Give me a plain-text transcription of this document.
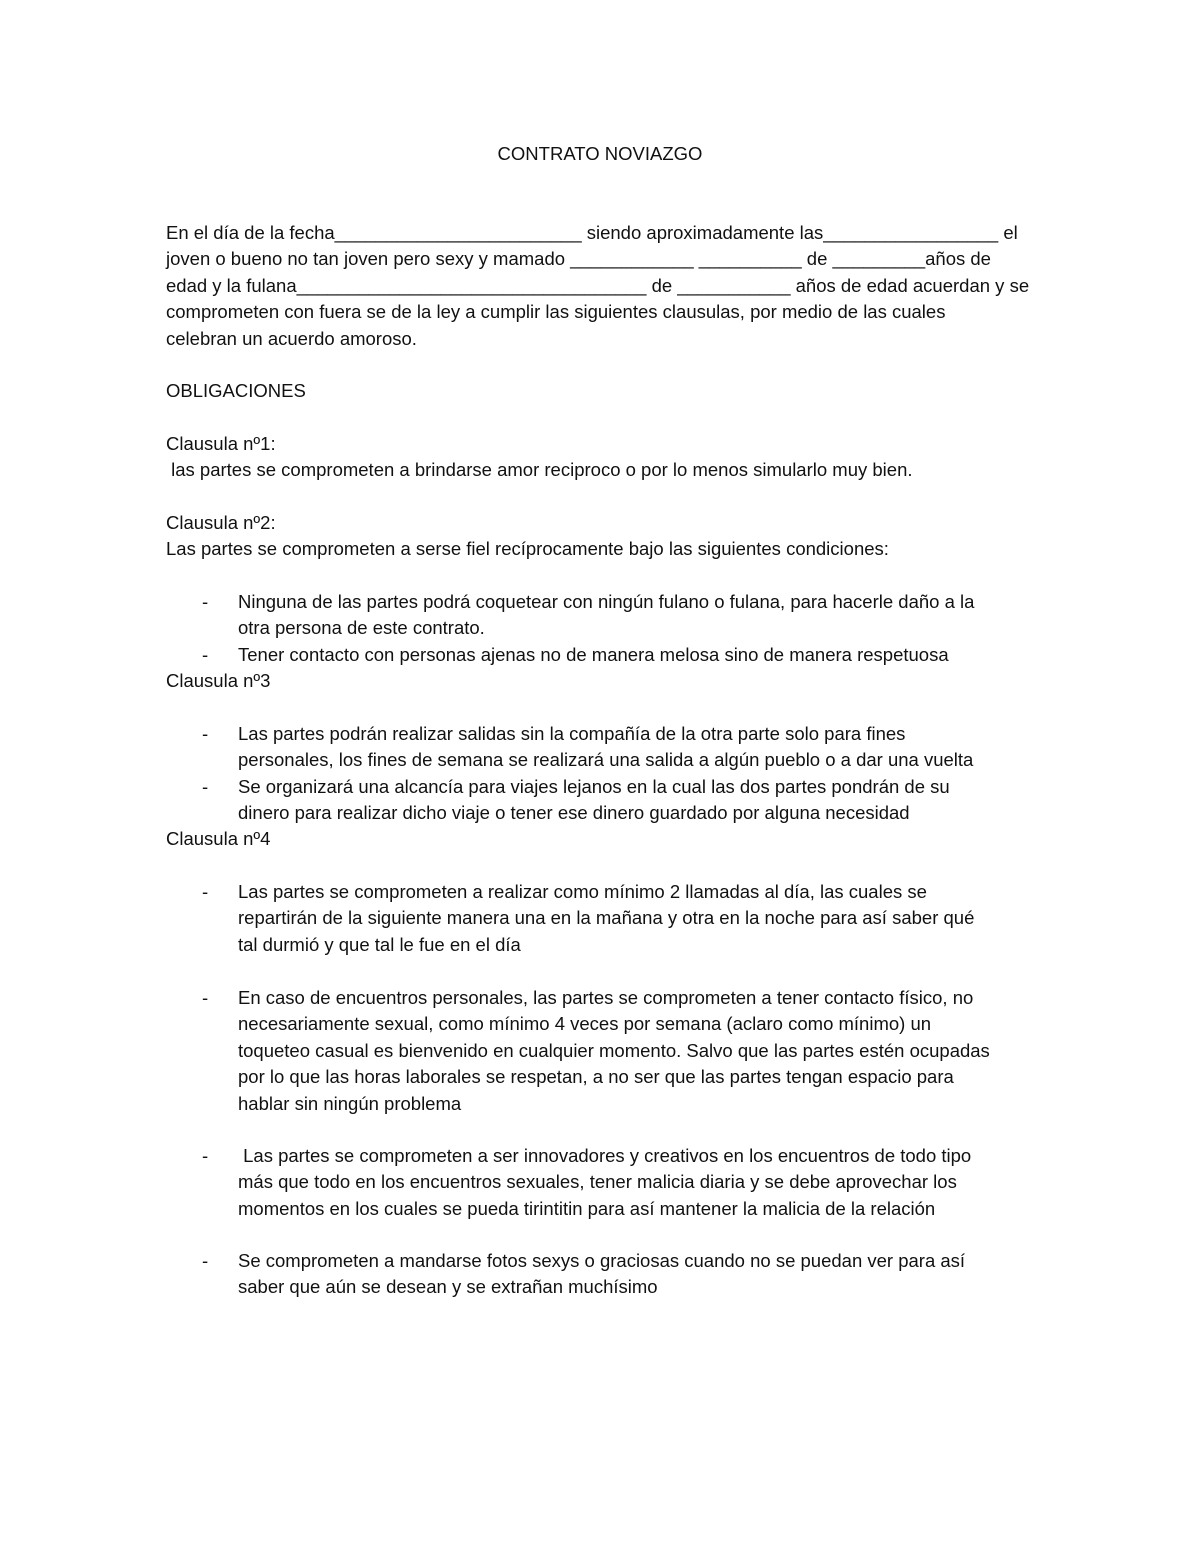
CONTRATO NOVIAZGO
En el día de la fecha________________________ siendo aproximadamente las_________________ el
joven o bueno no tan joven pero sexy y mamado ____________ __________ de _________años de
edad y la fulana__________________________________ de ___________ años de edad acuerdan y se
comprometen con fuera se de la ley a cumplir las siguientes clausulas, por medio de las cuales
celebran un acuerdo amoroso.
OBLIGACIONES
Clausula nº1:
las partes se comprometen a brindarse amor reciproco o por lo menos simularlo muy bien.
Clausula nº2:
Las partes se comprometen a serse fiel recíprocamente bajo las siguientes condiciones:
- Ninguna de las partes podrá coquetear con ningún fulano o fulana, para hacerle daño a la
otra persona de este contrato.
- Tener contacto con personas ajenas no de manera melosa sino de manera respetuosa
Clausula nº3
- Las partes podrán realizar salidas sin la compañía de la otra parte solo para fines
personales, los fines de semana se realizará una salida a algún pueblo o a dar una vuelta
- Se organizará una alcancía para viajes lejanos en la cual las dos partes pondrán de su
dinero para realizar dicho viaje o tener ese dinero guardado por alguna necesidad
Clausula nº4
- Las partes se comprometen a realizar como mínimo 2 llamadas al día, las cuales se
repartirán de la siguiente manera una en la mañana y otra en la noche para así saber qué
tal durmió y que tal le fue en el día
- En caso de encuentros personales, las partes se comprometen a tener contacto físico, no
necesariamente sexual, como mínimo 4 veces por semana (aclaro como mínimo) un
toqueteo casual es bienvenido en cualquier momento. Salvo que las partes estén ocupadas
por lo que las horas laborales se respetan, a no ser que las partes tengan espacio para
hablar sin ningún problema
- Las partes se comprometen a ser innovadores y creativos en los encuentros de todo tipo
más que todo en los encuentros sexuales, tener malicia diaria y se debe aprovechar los
momentos en los cuales se pueda tirintitin para así mantener la malicia de la relación
- Se comprometen a mandarse fotos sexys o graciosas cuando no se puedan ver para así
saber que aún se desean y se extrañan muchísimo
